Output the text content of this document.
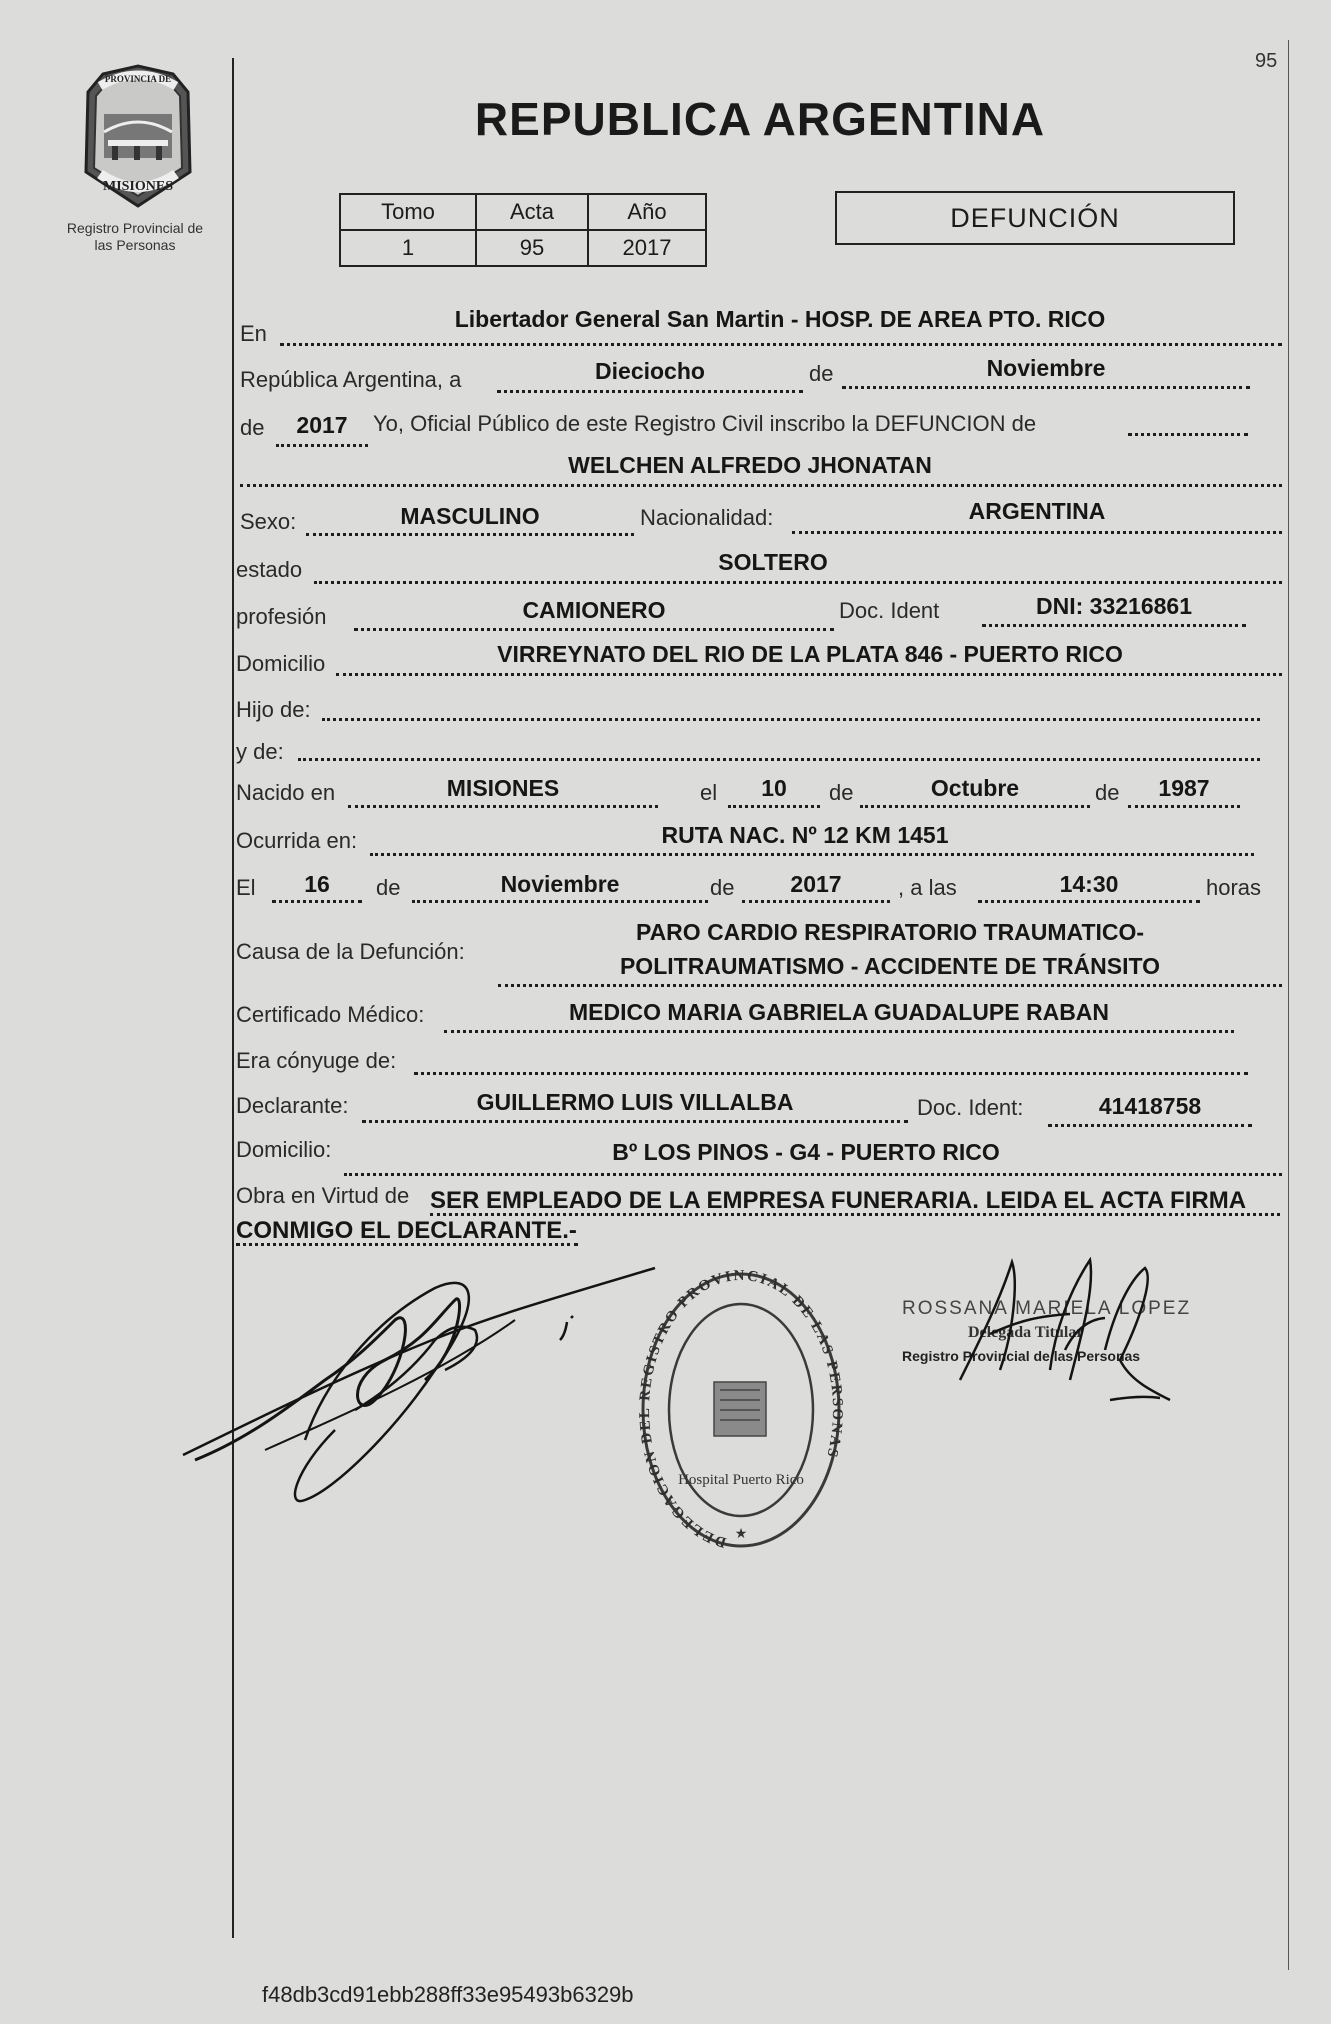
95
PROVINCIA DE
MISIONES
Registro Provincial de
las Personas
REPUBLICA ARGENTINA
Tomo	Acta	Año
1	95	2017
DEFUNCIÓN
En
Libertador General San Martin - HOSP. DE AREA PTO. RICO
República Argentina, a	Dieciocho	de	Noviembre
de	2017	Yo, Oficial Público de este Registro Civil inscribo la DEFUNCION de
WELCHEN ALFREDO JHONATAN
Sexo:	MASCULINO	Nacionalidad:	ARGENTINA
estado	SOLTERO
profesión	CAMIONERO	Doc. Ident	DNI: 33216861
Domicilio	VIRREYNATO DEL RIO DE LA PLATA 846 - PUERTO RICO
Hijo de:
y de:
Nacido en	MISIONES	el	10	de	Octubre	de	1987
Ocurrida en:	RUTA NAC. Nº 12 KM 1451
El	16	de	Noviembre	de	2017	, a las	14:30	horas
Causa de la Defunción:
PARO CARDIO RESPIRATORIO TRAUMATICO-
POLITRAUMATISMO - ACCIDENTE DE TRÁNSITO
Certificado Médico:	MEDICO MARIA GABRIELA GUADALUPE RABAN
Era cónyuge de:
Declarante:	GUILLERMO LUIS VILLALBA	Doc. Ident:	41418758
Domicilio:	Bº LOS PINOS - G4 - PUERTO RICO
Obra en Virtud de SER EMPLEADO DE LA EMPRESA FUNERARIA. LEIDA EL ACTA FIRMA
CONMIGO EL DECLARANTE.-
DELEGACION DEL REGISTRO PROVINCIAL DE LAS PERSONAS
Hospital Puerto Rico
★
ROSSANA MARIELA LOPEZ
Delegada Titular
Registro Provincial de las Personas
f48db3cd91ebb288ff33e95493b6329b
